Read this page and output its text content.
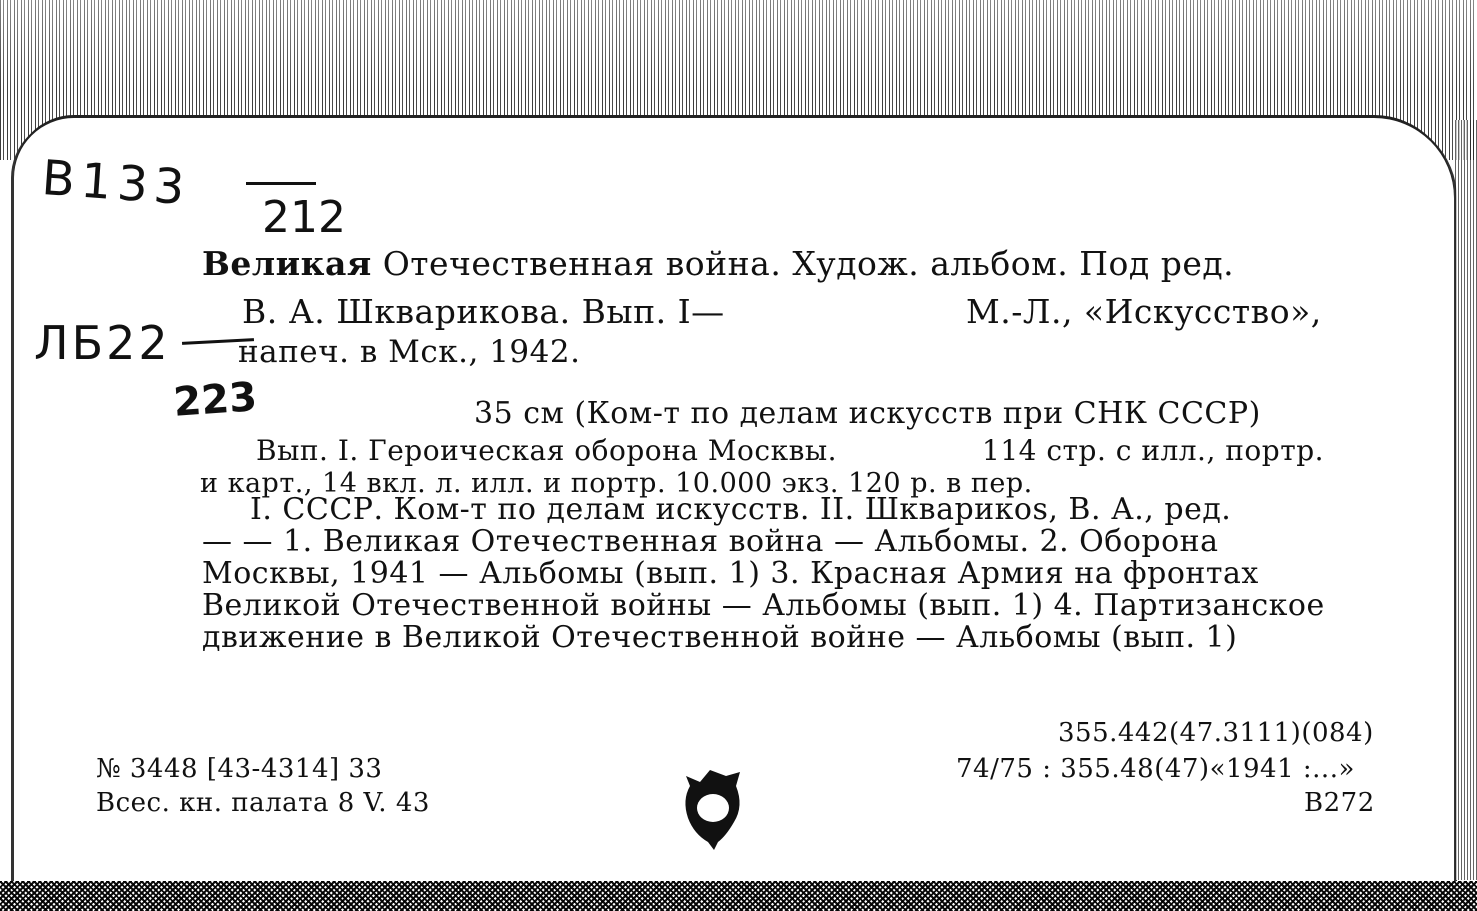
B133
212
ЛБ22
223
Великая Отечественная война. Худож. альбом. Под ред.
В. А. Шкварикова. Вып. I—	М.-Л., «Искусство»,
напеч. в Мск., 1942.
35 см (Ком-т по делам искусств при СНК СССР)
Вып. I. Героическая оборона Москвы.	114 стр. с илл., портр.
и карт., 14 вкл. л. илл. и портр. 10.000 экз. 120 р. в пер.
I. СССР. Ком-т по делам искусств. II. Шкварикоs, В. А., ред.
— — 1. Великая Отечественная война — Альбомы. 2. Оборона
Москвы, 1941 — Альбомы (вып. 1) 3. Красная Армия на фронтах
Великой Отечественной войны — Альбомы (вып. 1) 4. Партизанское
движение в Великой Отечественной войне — Альбомы (вып. 1)
№ 3448 [43-4314] 33
Всес. кн. палата 8 V. 43
355.442(47.3111)(084)
74/75 : 355.48(47)«1941 :...»
B272
